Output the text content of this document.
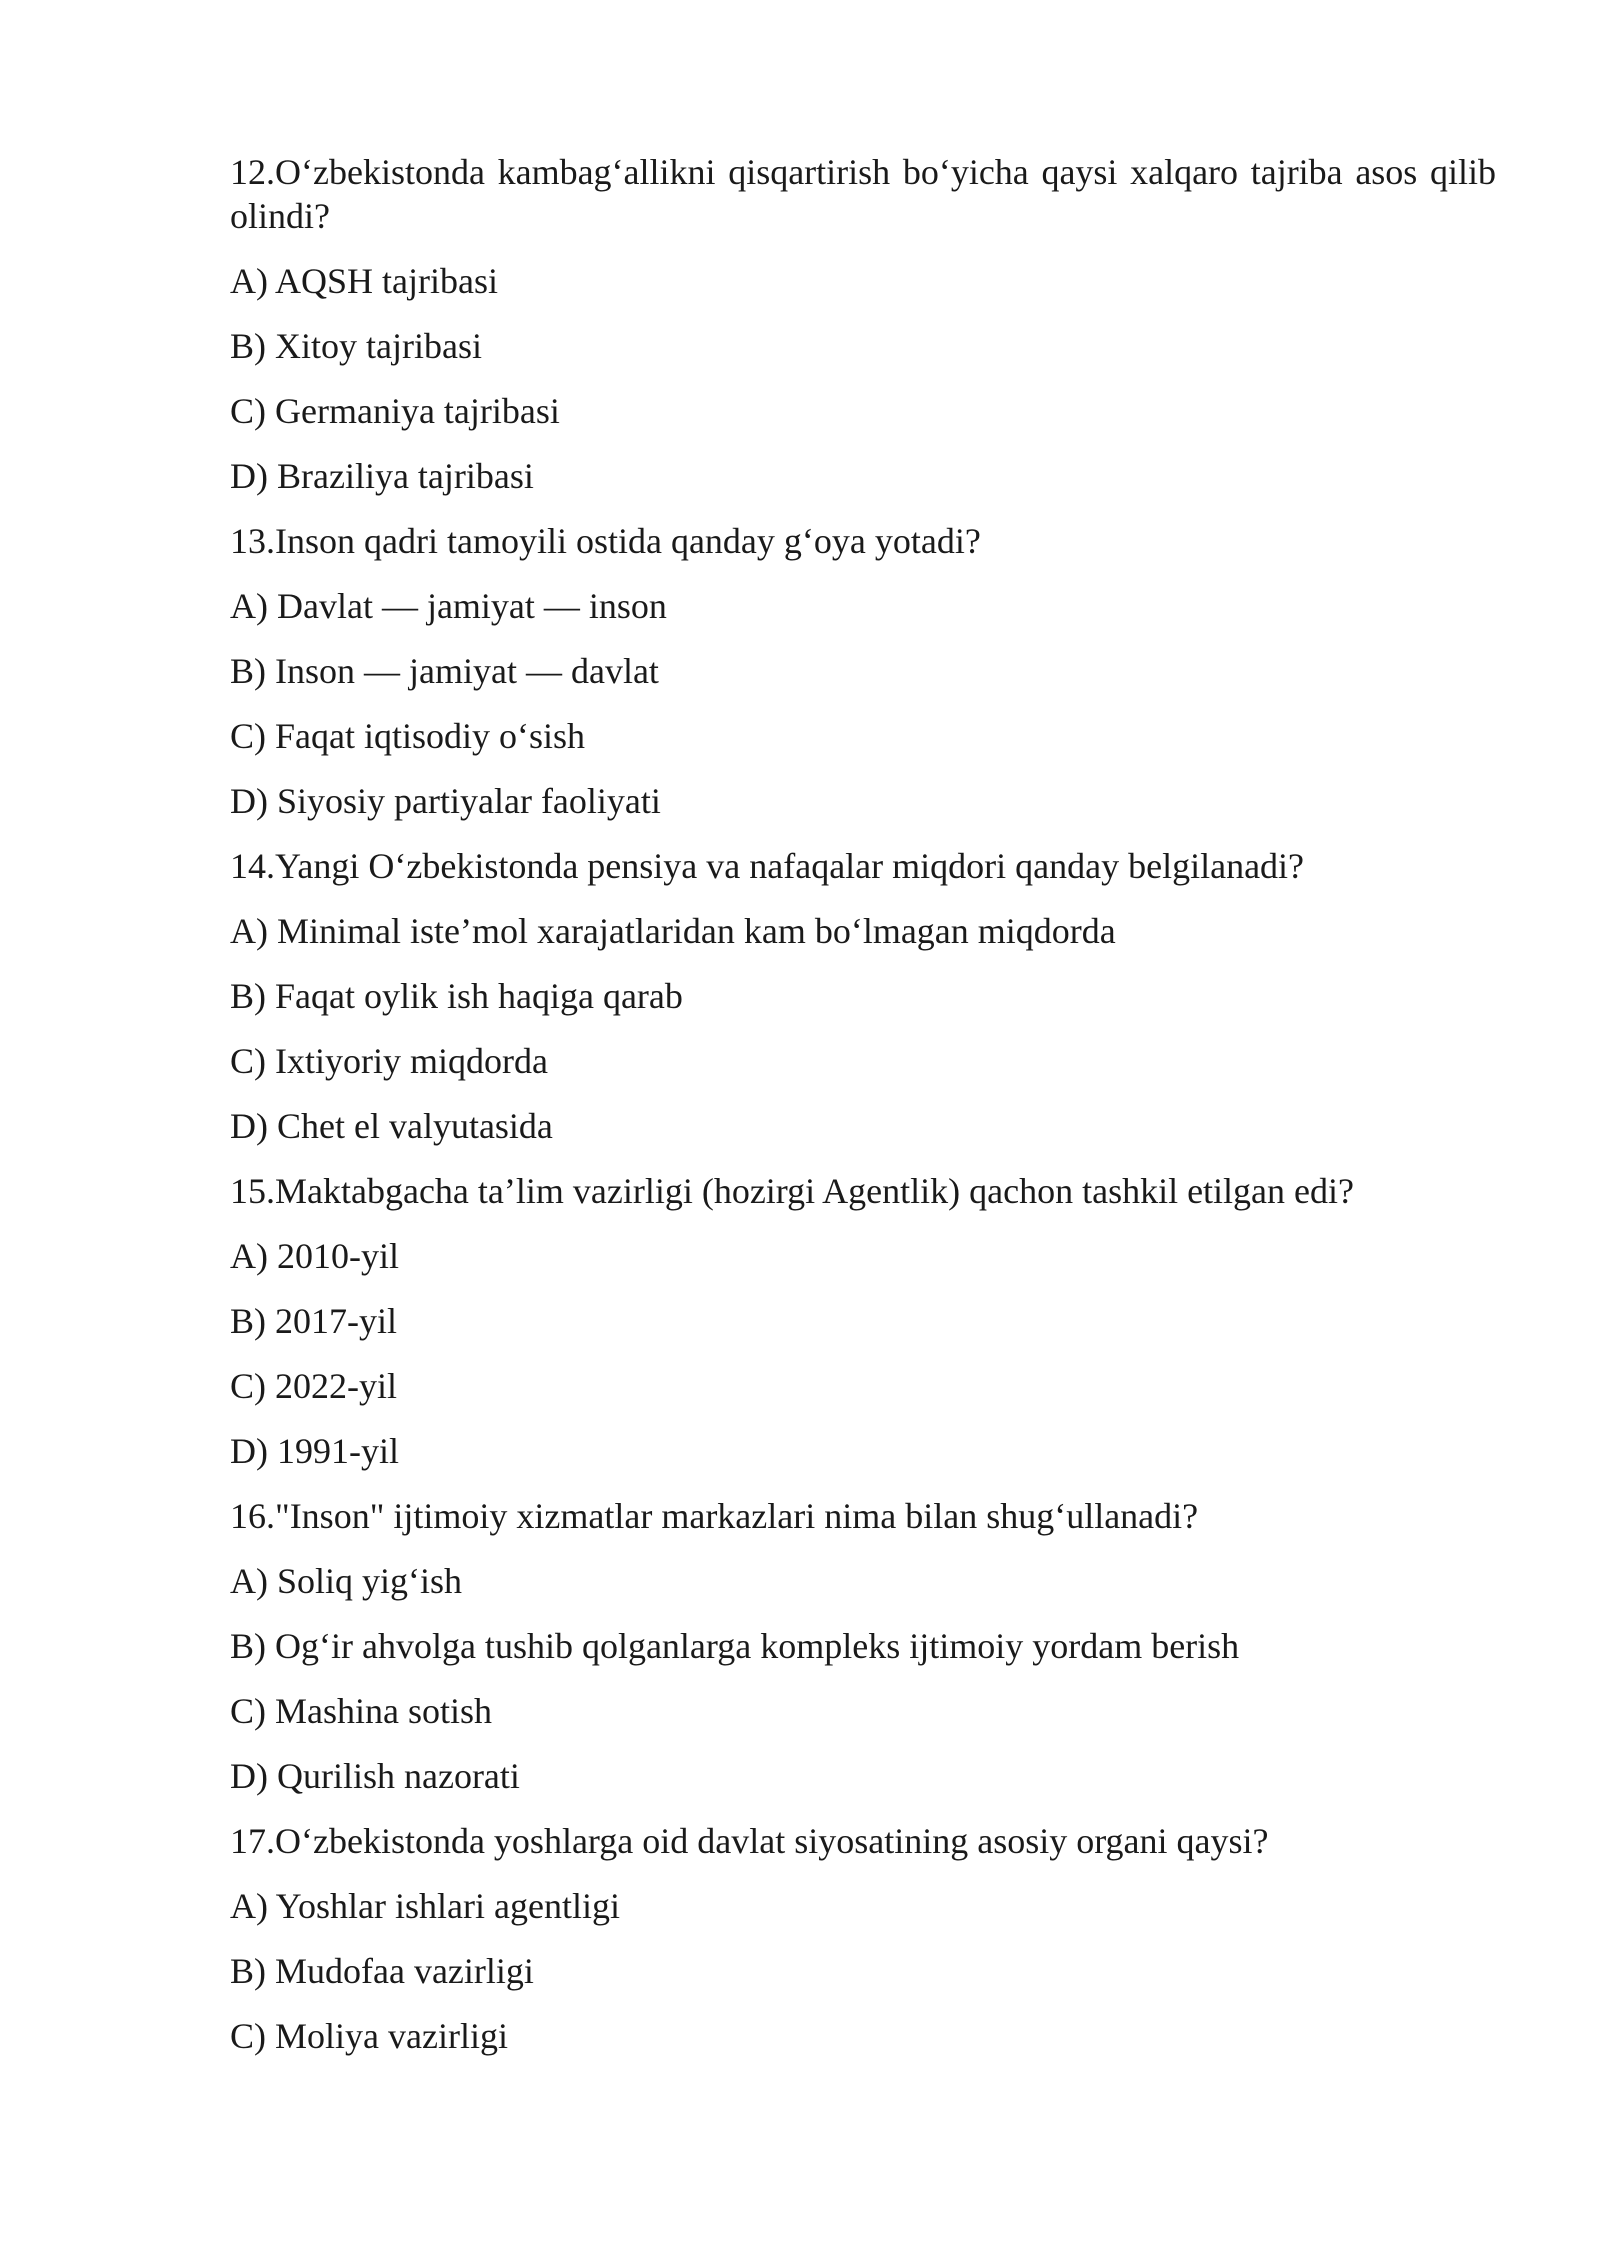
12.O‘zbekistonda kambag‘allikni qisqartirish bo‘yicha qaysi xalqaro tajriba asos qilib olindi?

A) AQSH tajribasi

B) Xitoy tajribasi

C) Germaniya tajribasi

D) Braziliya tajribasi

13.Inson qadri tamoyili ostida qanday g‘oya yotadi?

A) Davlat — jamiyat — inson

B) Inson — jamiyat — davlat

C) Faqat iqtisodiy o‘sish

D) Siyosiy partiyalar faoliyati

14.Yangi O‘zbekistonda pensiya va nafaqalar miqdori qanday belgilanadi?

A) Minimal iste’mol xarajatlaridan kam bo‘lmagan miqdorda

B) Faqat oylik ish haqiga qarab

C) Ixtiyoriy miqdorda

D) Chet el valyutasida

15.Maktabgacha ta’lim vazirligi (hozirgi Agentlik) qachon tashkil etilgan edi?

A) 2010-yil

B) 2017-yil

C) 2022-yil

D) 1991-yil

16."Inson" ijtimoiy xizmatlar markazlari nima bilan shug‘ullanadi?

A) Soliq yig‘ish

B) Og‘ir ahvolga tushib qolganlarga kompleks ijtimoiy yordam berish

C) Mashina sotish

D) Qurilish nazorati

17.O‘zbekistonda yoshlarga oid davlat siyosatining asosiy organi qaysi?

A) Yoshlar ishlari agentligi

B) Mudofaa vazirligi

C) Moliya vazirligi
